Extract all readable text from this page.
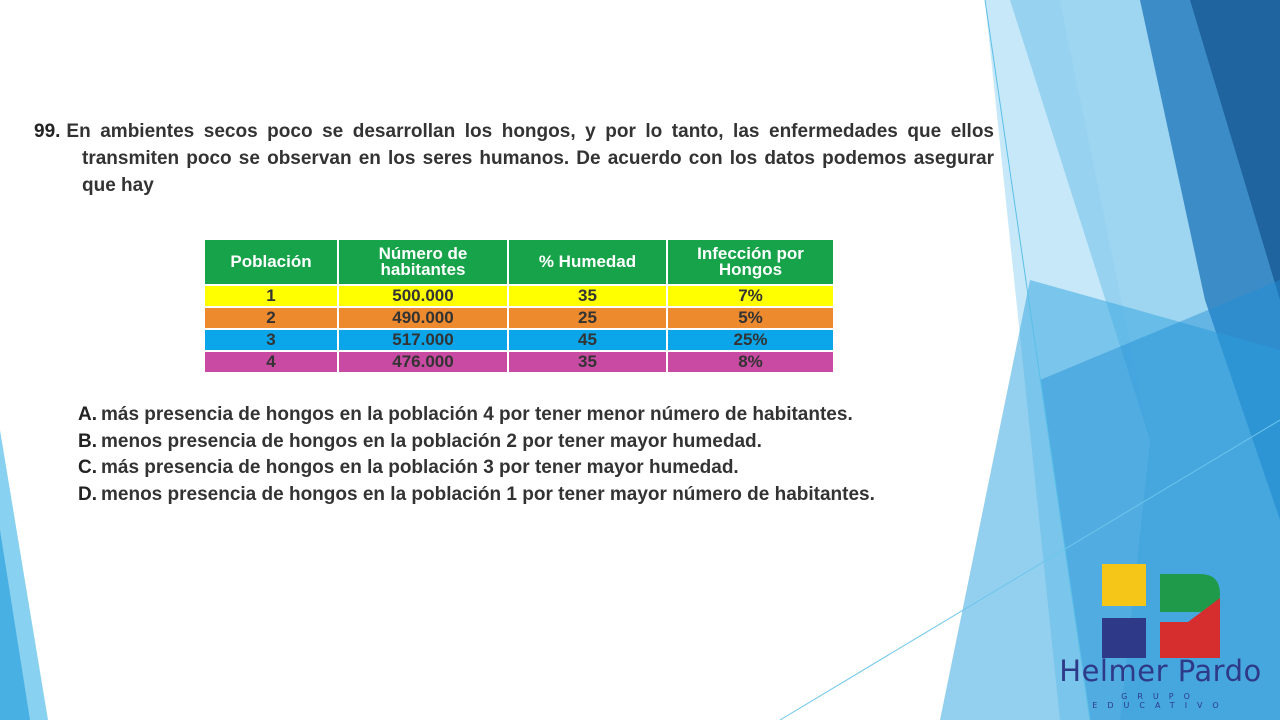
99. En ambientes secos poco se desarrollan los hongos, y por lo tanto, las enfermedades que ellos transmiten poco se observan en los seres humanos. De acuerdo con los datos podemos asegurar que hay
Población	Número de habitantes	% Humedad	Infección por Hongos
1	500.000	35	7%
2	490.000	25	5%
3	517.000	45	25%
4	476.000	35	8%
A. más presencia de hongos en la población 4 por tener menor número de habitantes.
B. menos presencia de hongos en la población 2 por tener mayor humedad.
C. más presencia de hongos en la población 3 por tener mayor humedad.
D. menos presencia de hongos en la población 1 por tener mayor número de habitantes.
Helmer Pardo
GRUPO EDUCATIVO
